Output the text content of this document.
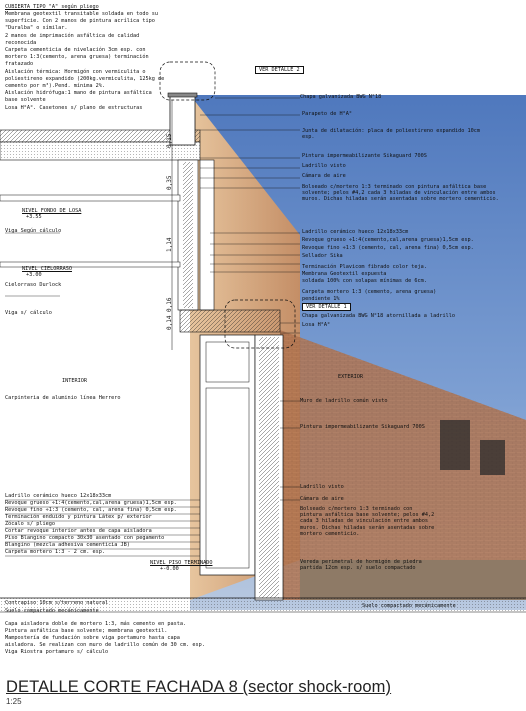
CUBIERTA TIPO "A" según pliego
Membrana geotextil transitable soldada en todo su
superficie. Con 2 manos de pintura acrílica tipo
"Duralba" o símilar.
2 manos de imprimación asfáltica de calidad
reconocida
Carpeta cementicia de nivelación 3cm esp. con
mortero 1:3(cemento, arena gruesa) terminación
fratazado
Aislación térmica: Hormigón con vermiculita o
poliestireno expandido (200kg.vermiculita, 125kg de
cemento por m³).Pend. mínima 2%.
Aislación hidrófuga:1 mano de pintura asfáltica
base solvente
Losa H°A°. Casetones s/ plano de estructuras
NIVEL FONDO DE LOSA
+3.55
Viga Según cálculo
NIVEL CIELORRASO
+3.00
Cielorraso Durlock
Viga s/ cálculo
INTERIOR
Carpinteria de aluminio línea Herrero
Ladrillo cerámico hueco 12x18x33cm
Revoque grueso ÷1:4(cemento,cal,arena gruesa)1,5cm esp.
Revoque fino ÷1:3 (cemento, cal, arena fina) 0,5cm esp.
Terminación enduido y pintura Látex p/ exterior
Zócalo s/ pliego
Cortar revoque interior antes de capa aisladora
Piso Blangino compacto 30x30 asentado con pegamento
Blangino (mezcla adhesiva cementicia JB)
Carpeta mortero 1:3 - 2 cm. esp.
NIVEL PISO TERMINADO
+-0.00
Contrapiso 10cm s/terreno natural
Suelo compactado mecánicamente
Capa aisladora doble de mortero 1:3, más cemento en pasta.
Pintura asfáltica base solvente; membrana geotextil.
Mampostería de fundación sobre viga portamuro hasta capa
aisladora. Se realizan con muro de ladrillo común de 30 cm. esp.
Viga Riostra portamuro s/ cálculo
0,15
0,35
1,14
0,14 0,16
VER DETALLE 2
Chapa galvanizada BWG N°18
Parapeto de H°A°
Junta de dilatación: placa de poliestireno expandido 10cm esp.
Pintura impermeabilizante Sikaguard 700S
Ladrillo visto
Cámara de aire
Bolseado c/mortero 1:3 terminado con pintura asfáltica base solvente; pelos #4,2 cada 3 hiladas de vinculación entre ambos muros. Dichas hiladas serán asentadas sobre mortero cementicio.
Ladrillo cerámico hueco 12x18x33cm
Revoque grueso ÷1:4(cemento,cal,arena gruesa)1,5cm esp.
Revoque fino ÷1:3 (cemento, cal, arena fina) 0,5cm esp.
Sellador Sika
Terminación Plavicom fibrado color teja.
Membrana Geotextil expuesta
soldada 100% con solapas mínimas de 6cm.
Carpeta mortero 1:3 (cemento, arena gruesa)
pendiente 1%
VER DETALLE 1
Chapa galvanizada BWG N°18 atornillada a ladrillo
Losa H°A°
EXTERIOR
Muro de ladrillo común visto
Pintura impermeabilizante Sikaguard 700S
Ladrillo visto
Cámara de aire
Bolseado c/mortero 1:3 terminado con pintura asfáltica base solvente; pelos #4,2 cada 3 hiladas de vinculación entre ambos muros. Dichas hiladas serán asentadas sobre mortero cementicio.
Vereda perimetral de hormigón de piedra partida 12cm esp. s/ suelo compactado
Suelo compactado mecánicamente
DETALLE CORTE FACHADA 8 (sector shock-room)
1:25
